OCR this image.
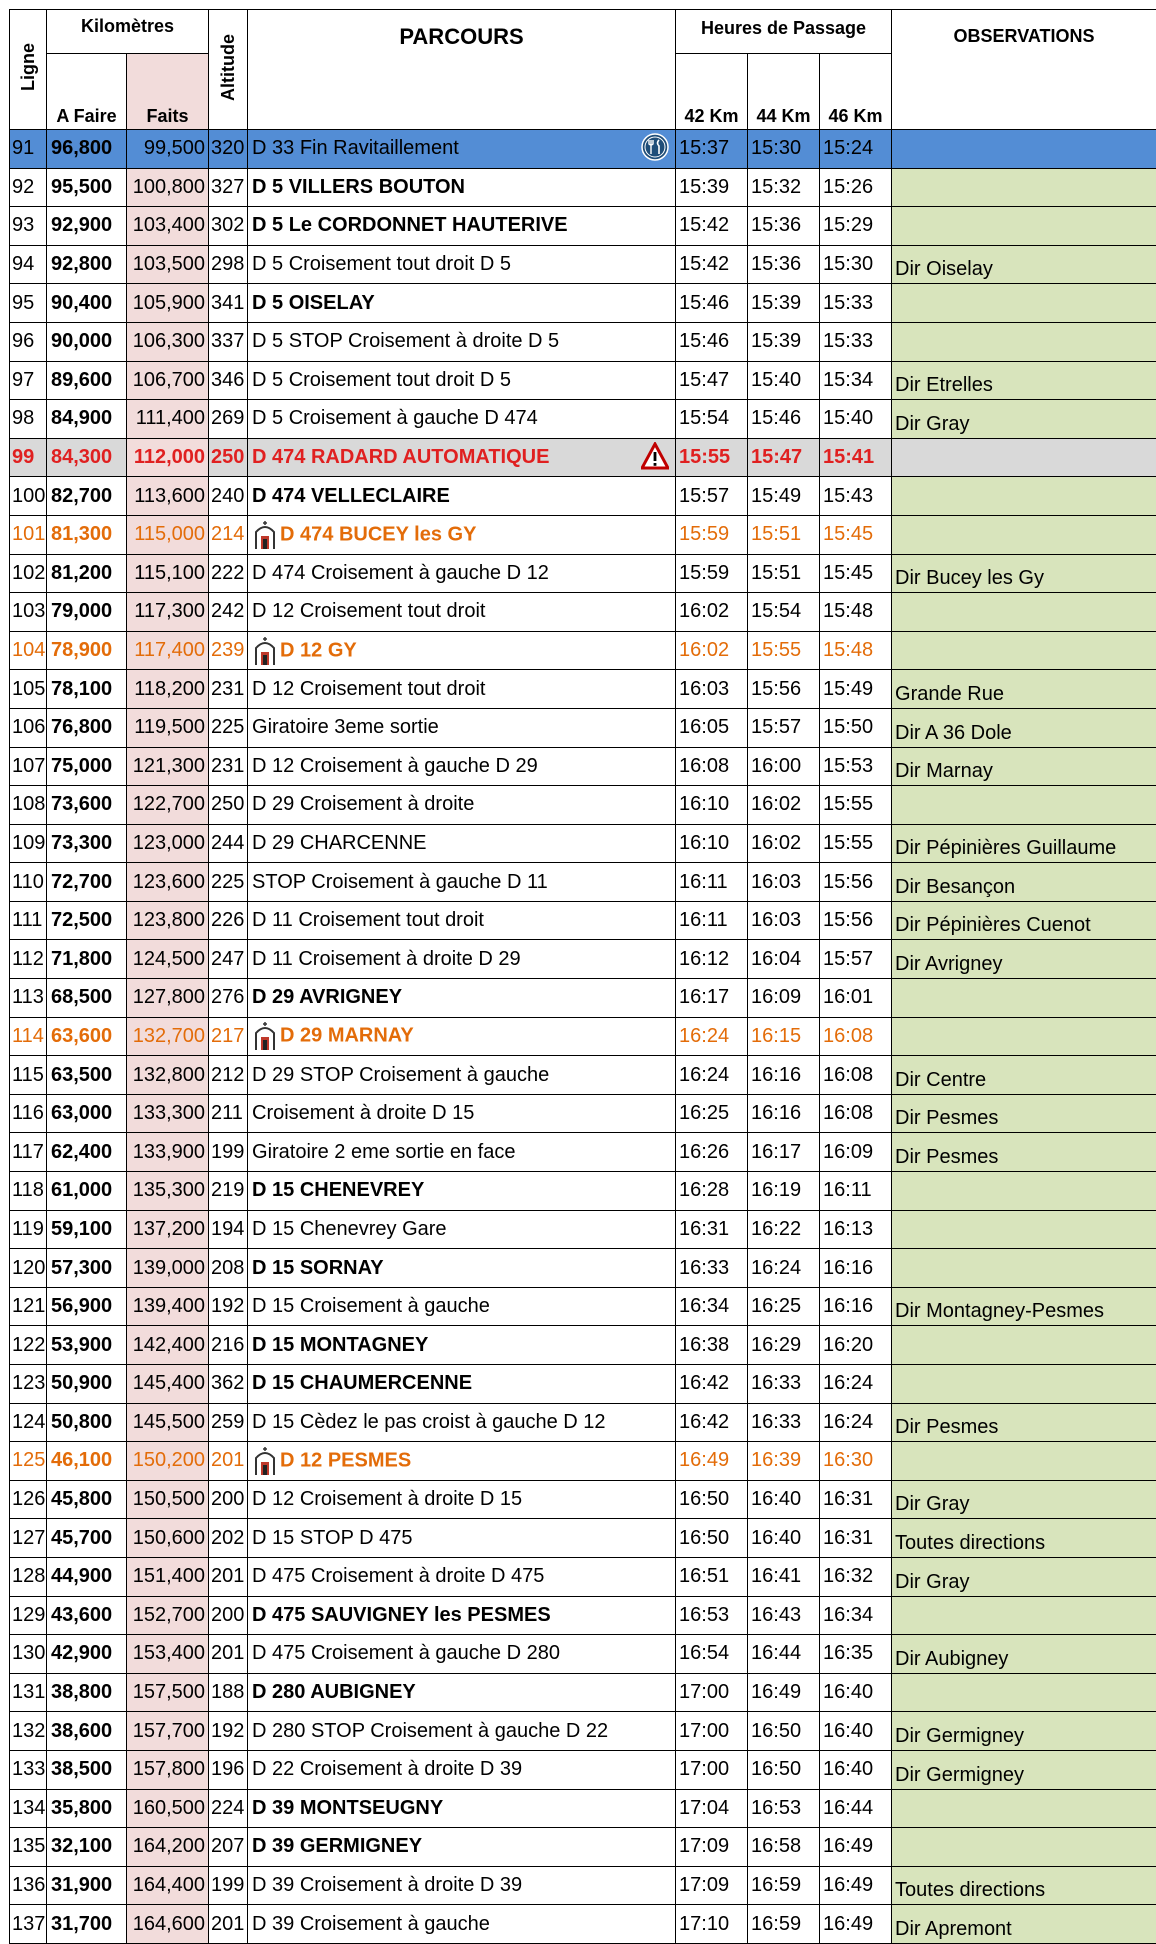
Ligne	Kilomètres		Altitude	PARCOURS	Heures de Passage			OBSERVATIONS
	A Faire	Faits			42 Km	44 Km	46 Km	
91	96,800	99,500	320	D 33 Fin Ravitaillement	15:37	15:30	15:24	
92	95,500	100,800	327	D 5 VILLERS BOUTON	15:39	15:32	15:26	
93	92,900	103,400	302	D 5 Le CORDONNET HAUTERIVE	15:42	15:36	15:29	
94	92,800	103,500	298	D 5 Croisement tout droit D 5	15:42	15:36	15:30	Dir Oiselay
95	90,400	105,900	341	D 5 OISELAY	15:46	15:39	15:33	
96	90,000	106,300	337	D 5 STOP Croisement à droite D 5	15:46	15:39	15:33	
97	89,600	106,700	346	D 5 Croisement tout droit D 5	15:47	15:40	15:34	Dir Etrelles
98	84,900	111,400	269	D 5 Croisement à gauche D 474	15:54	15:46	15:40	Dir Gray
99	84,300	112,000	250	D 474 RADARD AUTOMATIQUE	15:55	15:47	15:41	
100	82,700	113,600	240	D 474 VELLECLAIRE	15:57	15:49	15:43	
101	81,300	115,000	214	D 474 BUCEY les GY	15:59	15:51	15:45	
102	81,200	115,100	222	D 474 Croisement à gauche D 12	15:59	15:51	15:45	Dir Bucey les Gy
103	79,000	117,300	242	D 12 Croisement tout droit	16:02	15:54	15:48	
104	78,900	117,400	239	D 12 GY	16:02	15:55	15:48	
105	78,100	118,200	231	D 12 Croisement tout droit	16:03	15:56	15:49	Grande Rue
106	76,800	119,500	225	Giratoire 3eme sortie	16:05	15:57	15:50	Dir A 36 Dole
107	75,000	121,300	231	D 12 Croisement à gauche D 29	16:08	16:00	15:53	Dir Marnay
108	73,600	122,700	250	D 29 Croisement à droite	16:10	16:02	15:55	
109	73,300	123,000	244	D 29 CHARCENNE	16:10	16:02	15:55	Dir Pépinières Guillaume
110	72,700	123,600	225	STOP Croisement à gauche D 11	16:11	16:03	15:56	Dir Besançon
111	72,500	123,800	226	D 11 Croisement tout droit	16:11	16:03	15:56	Dir Pépinières Cuenot
112	71,800	124,500	247	D 11 Croisement à droite D 29	16:12	16:04	15:57	Dir Avrigney
113	68,500	127,800	276	D 29 AVRIGNEY	16:17	16:09	16:01	
114	63,600	132,700	217	D 29 MARNAY	16:24	16:15	16:08	
115	63,500	132,800	212	D 29 STOP Croisement à gauche	16:24	16:16	16:08	Dir Centre
116	63,000	133,300	211	Croisement à droite D 15	16:25	16:16	16:08	Dir Pesmes
117	62,400	133,900	199	Giratoire 2 eme sortie en face	16:26	16:17	16:09	Dir Pesmes
118	61,000	135,300	219	D 15 CHENEVREY	16:28	16:19	16:11	
119	59,100	137,200	194	D 15 Chenevrey Gare	16:31	16:22	16:13	
120	57,300	139,000	208	D 15 SORNAY	16:33	16:24	16:16	
121	56,900	139,400	192	D 15 Croisement à gauche	16:34	16:25	16:16	Dir Montagney-Pesmes
122	53,900	142,400	216	D 15 MONTAGNEY	16:38	16:29	16:20	
123	50,900	145,400	362	D 15 CHAUMERCENNE	16:42	16:33	16:24	
124	50,800	145,500	259	D 15 Cèdez le pas croist à gauche D 12	16:42	16:33	16:24	Dir Pesmes
125	46,100	150,200	201	D 12 PESMES	16:49	16:39	16:30	
126	45,800	150,500	200	D 12 Croisement à droite D 15	16:50	16:40	16:31	Dir Gray
127	45,700	150,600	202	D 15 STOP D 475	16:50	16:40	16:31	Toutes directions
128	44,900	151,400	201	D 475 Croisement à droite D 475	16:51	16:41	16:32	Dir Gray
129	43,600	152,700	200	D 475 SAUVIGNEY les PESMES	16:53	16:43	16:34	
130	42,900	153,400	201	D 475 Croisement à gauche D 280	16:54	16:44	16:35	Dir Aubigney
131	38,800	157,500	188	D 280 AUBIGNEY	17:00	16:49	16:40	
132	38,600	157,700	192	D 280 STOP Croisement à gauche D 22	17:00	16:50	16:40	Dir Germigney
133	38,500	157,800	196	D 22 Croisement à droite D 39	17:00	16:50	16:40	Dir Germigney
134	35,800	160,500	224	D 39 MONTSEUGNY	17:04	16:53	16:44	
135	32,100	164,200	207	D 39 GERMIGNEY	17:09	16:58	16:49	
136	31,900	164,400	199	D 39 Croisement à droite D 39	17:09	16:59	16:49	Toutes directions
137	31,700	164,600	201	D 39 Croisement à gauche	17:10	16:59	16:49	Dir Apremont
